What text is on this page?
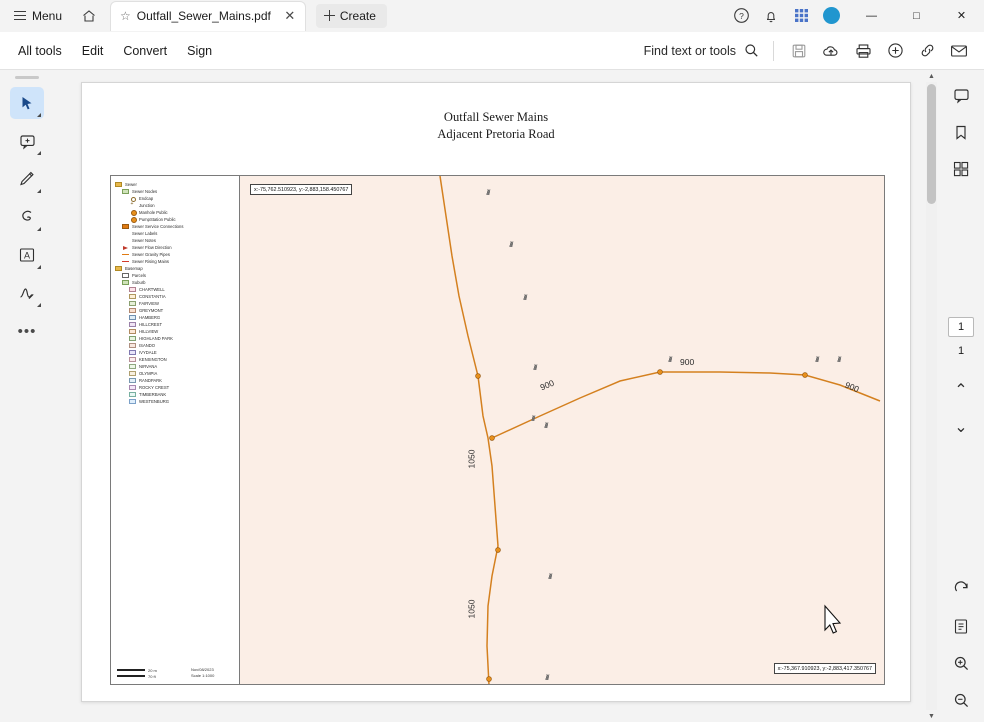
Menu	☆ Outfall_Sewer_Mains.pdf ✕	Create	?	—	□	✕
All tools	Edit	Convert	Sign	Find text or tools
A
•••
Outfall Sewer Mains
Adjacent Pretoria Road
Sewer
Sewer Nodes
Endcap
+
Junction
Manhole Public
PumpStation Public
Sewer Service Connections
Sewer Labels
Sewer Notes
Sewer Flow Direction
Sewer Gravity Pipes
Sewer Rising Mains
Basemap
Parcels
Suburb
CHARTWELL
CONSTANTIA
FAIRVIEW
GREYMONT
HAMBERG
HILLCREST
HILLVIEW
HIGHLAND PARK
ISANDO
IVYDALE
KENSINGTON
NIRVANA
OLYMPIA
RANDPARK
ROCKY CREST
TIMBERBANK
WESTENBURG
20 m
70 ft
Nov/08/2023
Scale 1:1000
tex
tex
tex
tex
tex
tex
tex
tex
tex	tex	tex
x:-75,762.510923, y:-2,883,158.450767
x:-75,367.910923, y:-2,883,417.350767
900
900	900
1050
1050
▲
▼
1
1
⌃
⌄
